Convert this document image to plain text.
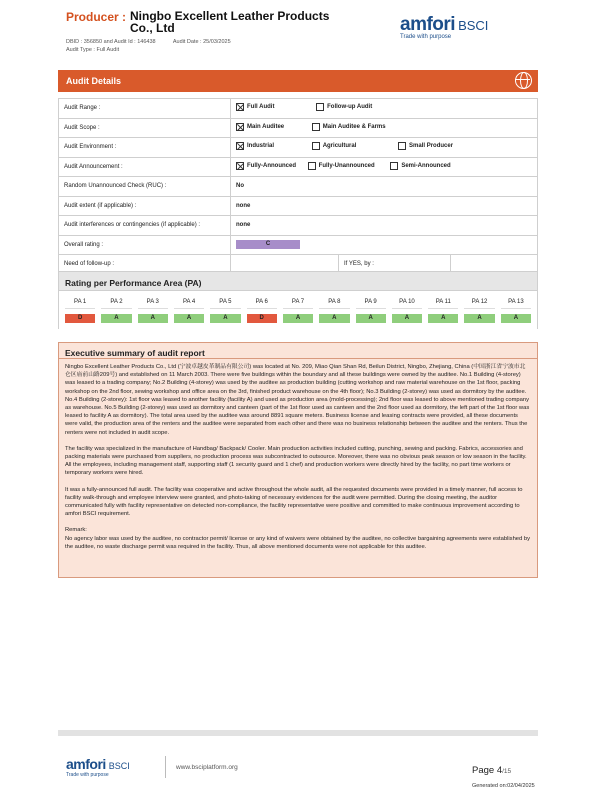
Producer : Ningbo Excellent Leather Products
Co., Ltd
DBID : 356850 and Audit Id : 146438	Audit Date : 25/03/2025
Audit Type : Full Audit
amfori BSCI
Trade with purpose
Audit Details
Audit Range :	Full Audit
Follow-up Audit		

Audit Scope :	Main Auditee
Main Auditee & Farms		

Audit Environment :	Industrial
Agricultural
Small Producer		

Audit Announcement :	Fully-Announced
Fully-Unannounced
Semi-Announced		

Random Unannounced Check (RUC) :	No		
Audit extent (if applicable) :	none		
Audit interferences or contingencies (if applicable) :	none		
Overall rating :	C		
Need of follow-up :		If YES, by :	
Rating per Performance Area (PA)
PA 1
D
PA 2
A
PA 3
A
PA 4
A
PA 5
A
PA 6
D
PA 7
A
PA 8
A
PA 9
A
PA 10
A
PA 11
A
PA 12
A
PA 13
A
Executive summary of audit report

Ningbo Excellent Leather Products Co., Ltd (宁波卓越皮革制品有限公司) was located at No. 209, Miao Qian Shan Rd, Beilun District, Ningbo, Zhejiang, China (中国浙江省宁波市北仑区庙前山路209号) and established on 11 March 2003. There were five buildings within the boundary and all these buildings were owned by the auditee. No.1 Building (4-storey) was leased to a trading company; No.2 Building (4-storey) was used by the auditee as production building (cutting workshop and raw material warehouse on the 1st floor, packing workshop on the 2nd floor, sewing workshop and office area on the 3rd, finished product warehouse on the 4th floor); No.3 Building (2-storey) was used as dormitory by the auditee. No.4 Building (2-storey): 1st floor was leased to another facility (facility A) and used as production area (mold-processing); 2nd floor was leased to above mentioned trading company as warehouse. No.5 Building (2-storey) was used as dormitory and canteen (part of the 1st floor used as canteen and the 2nd floor used as dormitory, the left part of the 1st floor was leased to facility A as dormitory). The total area used by the auditee was around 8891 square meters. Business license and leasing contracts were provided, all these documents were valid, the production area of the renters and the auditee were separated from each other and there was no business relationship between the auditee and the renters. Thus the renters were not included in audit scope.

The facility was specialized in the manufacture of Handbag/ Backpack/ Cooler. Main production activities included cutting, punching, sewing and packing. Fabrics, accessories and packing materials were purchased from suppliers, no production process was subcontracted to outsource. Moreover, there was no obvious peak season or low season in the facility. All the employees, including management staff, supporting staff (1 security guard and 1 chef) and production workers were directly hired by the facility, no part time workers or temporary workers were hired.

It was a fully-announced full audit. The facility was cooperative and active throughout the whole audit, all the requested documents were provided in a timely manner, full access to facility walk-through and employee interview were granted, and photo-taking of necessary evidences for the audit were permitted. During the closing meeting, the auditor communicated fully with facility representative on detected non-compliance, the facility representative were positive and committed to make continuous improvement according to amfori BSCI requirement.

Remark:

No agency labor was used by the auditee, no contractor permit/ license or any kind of waivers were obtained by the auditee, no collective bargaining agreements were established by the auditee, no waste discharge permit was required in the facility. Thus, all above mentioned documents were not applicable for this auditee.

amfori BSCI
Trade with purpose
www.bsciplatform.org	Page 4/15
Generated on:02/04/2025
